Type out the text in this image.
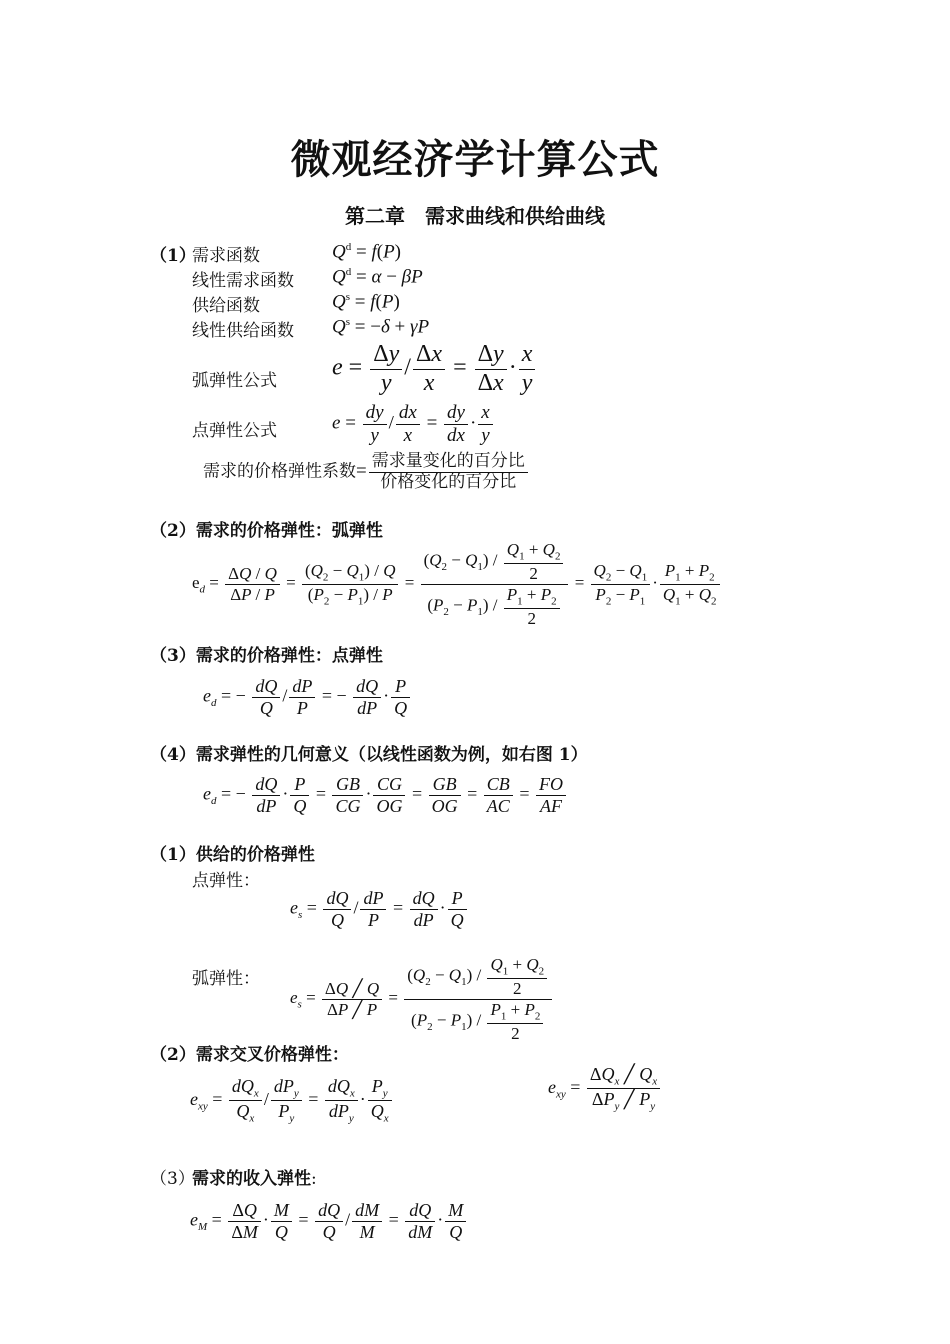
微观经济学计算公式
第二章　需求曲线和供给曲线
（1）
需求函数
线性需求函数
供给函数
线性供给函数
弧弹性公式
点弹性公式
$Q^d = f(P)$
$Q^d = \alpha - \beta P$
$Q^s = f(P)$
$Q^s = -\delta + \gamma P$
$e = \frac{\Delta y}{y} / \frac{\Delta x}{x} = \frac{\Delta y}{\Delta x} \cdot \frac{x}{y}$
$e = \frac{dy}{y} / \frac{dx}{x} = \frac{dy}{dx} \cdot \frac{x}{y}$
需求的价格弹性系数= $\frac{\text{需求量变化的百分比}}{\text{价格变化的百分比}}$
（2）需求的价格弹性：弧弹性
$e_d = \frac{\Delta Q / Q}{\Delta P / P} = \frac{(Q_2 - Q_1) / Q}{(P_2 - P_1) / P} = \frac{(Q_2 - Q_1) / \frac{Q_1 + Q_2}{2}}{(P_2 - P_1) / \frac{P_1 + P_2}{2}} = \frac{Q_2 - Q_1}{P_2 - P_1} \cdot \frac{P_1 + P_2}{Q_1 + Q_2}$
（3）需求的价格弹性：点弹性
$e_d$ = − $\frac{dQ}{Q} / \frac{dP}{P}$ = − $\frac{dQ}{dP} \cdot \frac{P}{Q}$
（4）需求弹性的几何意义（以线性函数为例，如右图 1）
$e_d$ = − $\frac{dQ}{dP} \cdot \frac{P}{Q} = \frac{GB}{CG} \cdot \frac{CG}{OG} = \frac{GB}{OG} = \frac{CB}{AC} = \frac{FO}{AF}$
（1）供给的价格弹性
点弹性：
$e_s = \frac{dQ}{Q} / \frac{dP}{P} = \frac{dQ}{dP} \cdot \frac{P}{Q}$
弧弹性：
$e_s = \frac{\Delta Q ╱ Q}{\Delta P ╱ P} = \frac{(Q_2 - Q_1) / \frac{Q_1 + Q_2}{2}}{(P_2 - P_1) / \frac{P_1 + P_2}{2}}$
（2）需求交叉价格弹性：
$e_{xy} = \frac{dQ_x}{Q_x} / \frac{dP_y}{P_y} = \frac{dQ_x}{dP_y} \cdot \frac{P_y}{Q_x}$	$e_{xy} = \frac{\Delta Q_x ╱ Q_x}{\Delta P_y ╱ P_y}$
（3）
需求的收入弹性:
$e_M = \frac{\Delta Q}{\Delta M} \cdot \frac{M}{Q} = \frac{dQ}{Q} / \frac{dM}{M} = \frac{dQ}{dM} \cdot \frac{M}{Q}$
